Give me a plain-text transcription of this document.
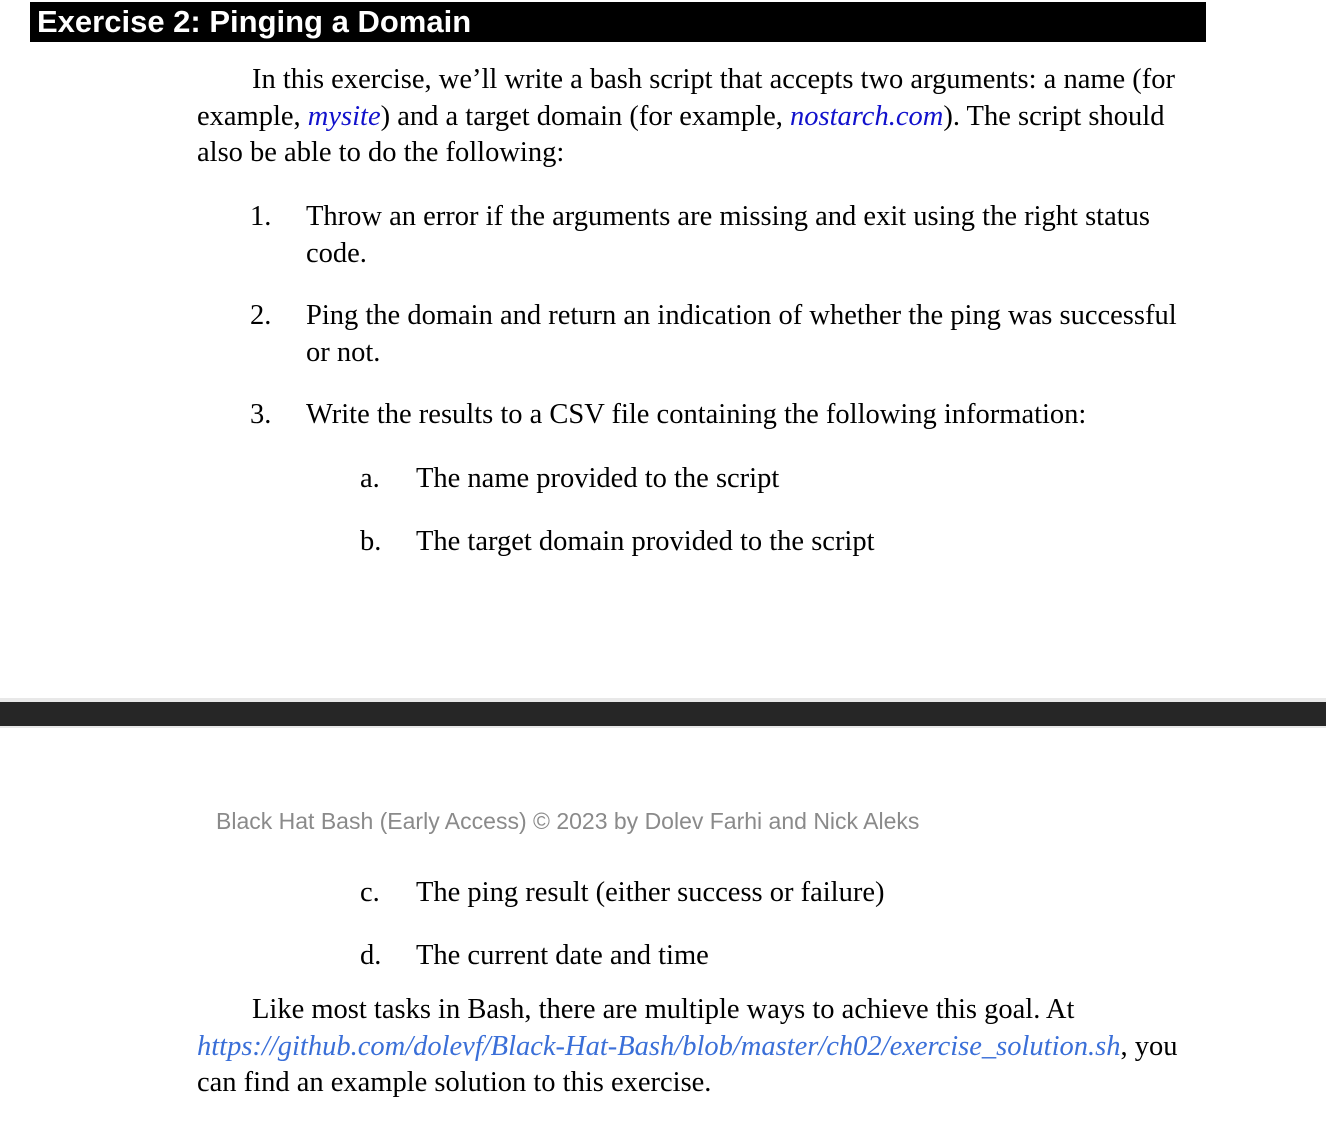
Exercise 2: Pinging a Domain

In this exercise, we’ll write a bash script that accepts two arguments: a name (for example, mysite) and a target domain (for example, nostarch.com). The script should also be able to do the following:

1. Throw an error if the arguments are missing and exit using the right status code.
2. Ping the domain and return an indication of whether the ping was successful or not.
3. Write the results to a CSV file containing the following information:
a. The name provided to the script
b. The target domain provided to the script
Black Hat Bash (Early Access) © 2023 by Dolev Farhi and Nick Aleks
c. The ping result (either success or failure)
d. The current date and time

Like most tasks in Bash, there are multiple ways to achieve this goal. At https://github.com/dolevf/Black-Hat-Bash/blob/master/ch02/exercise_solution.sh, you can find an example solution to this exercise.
